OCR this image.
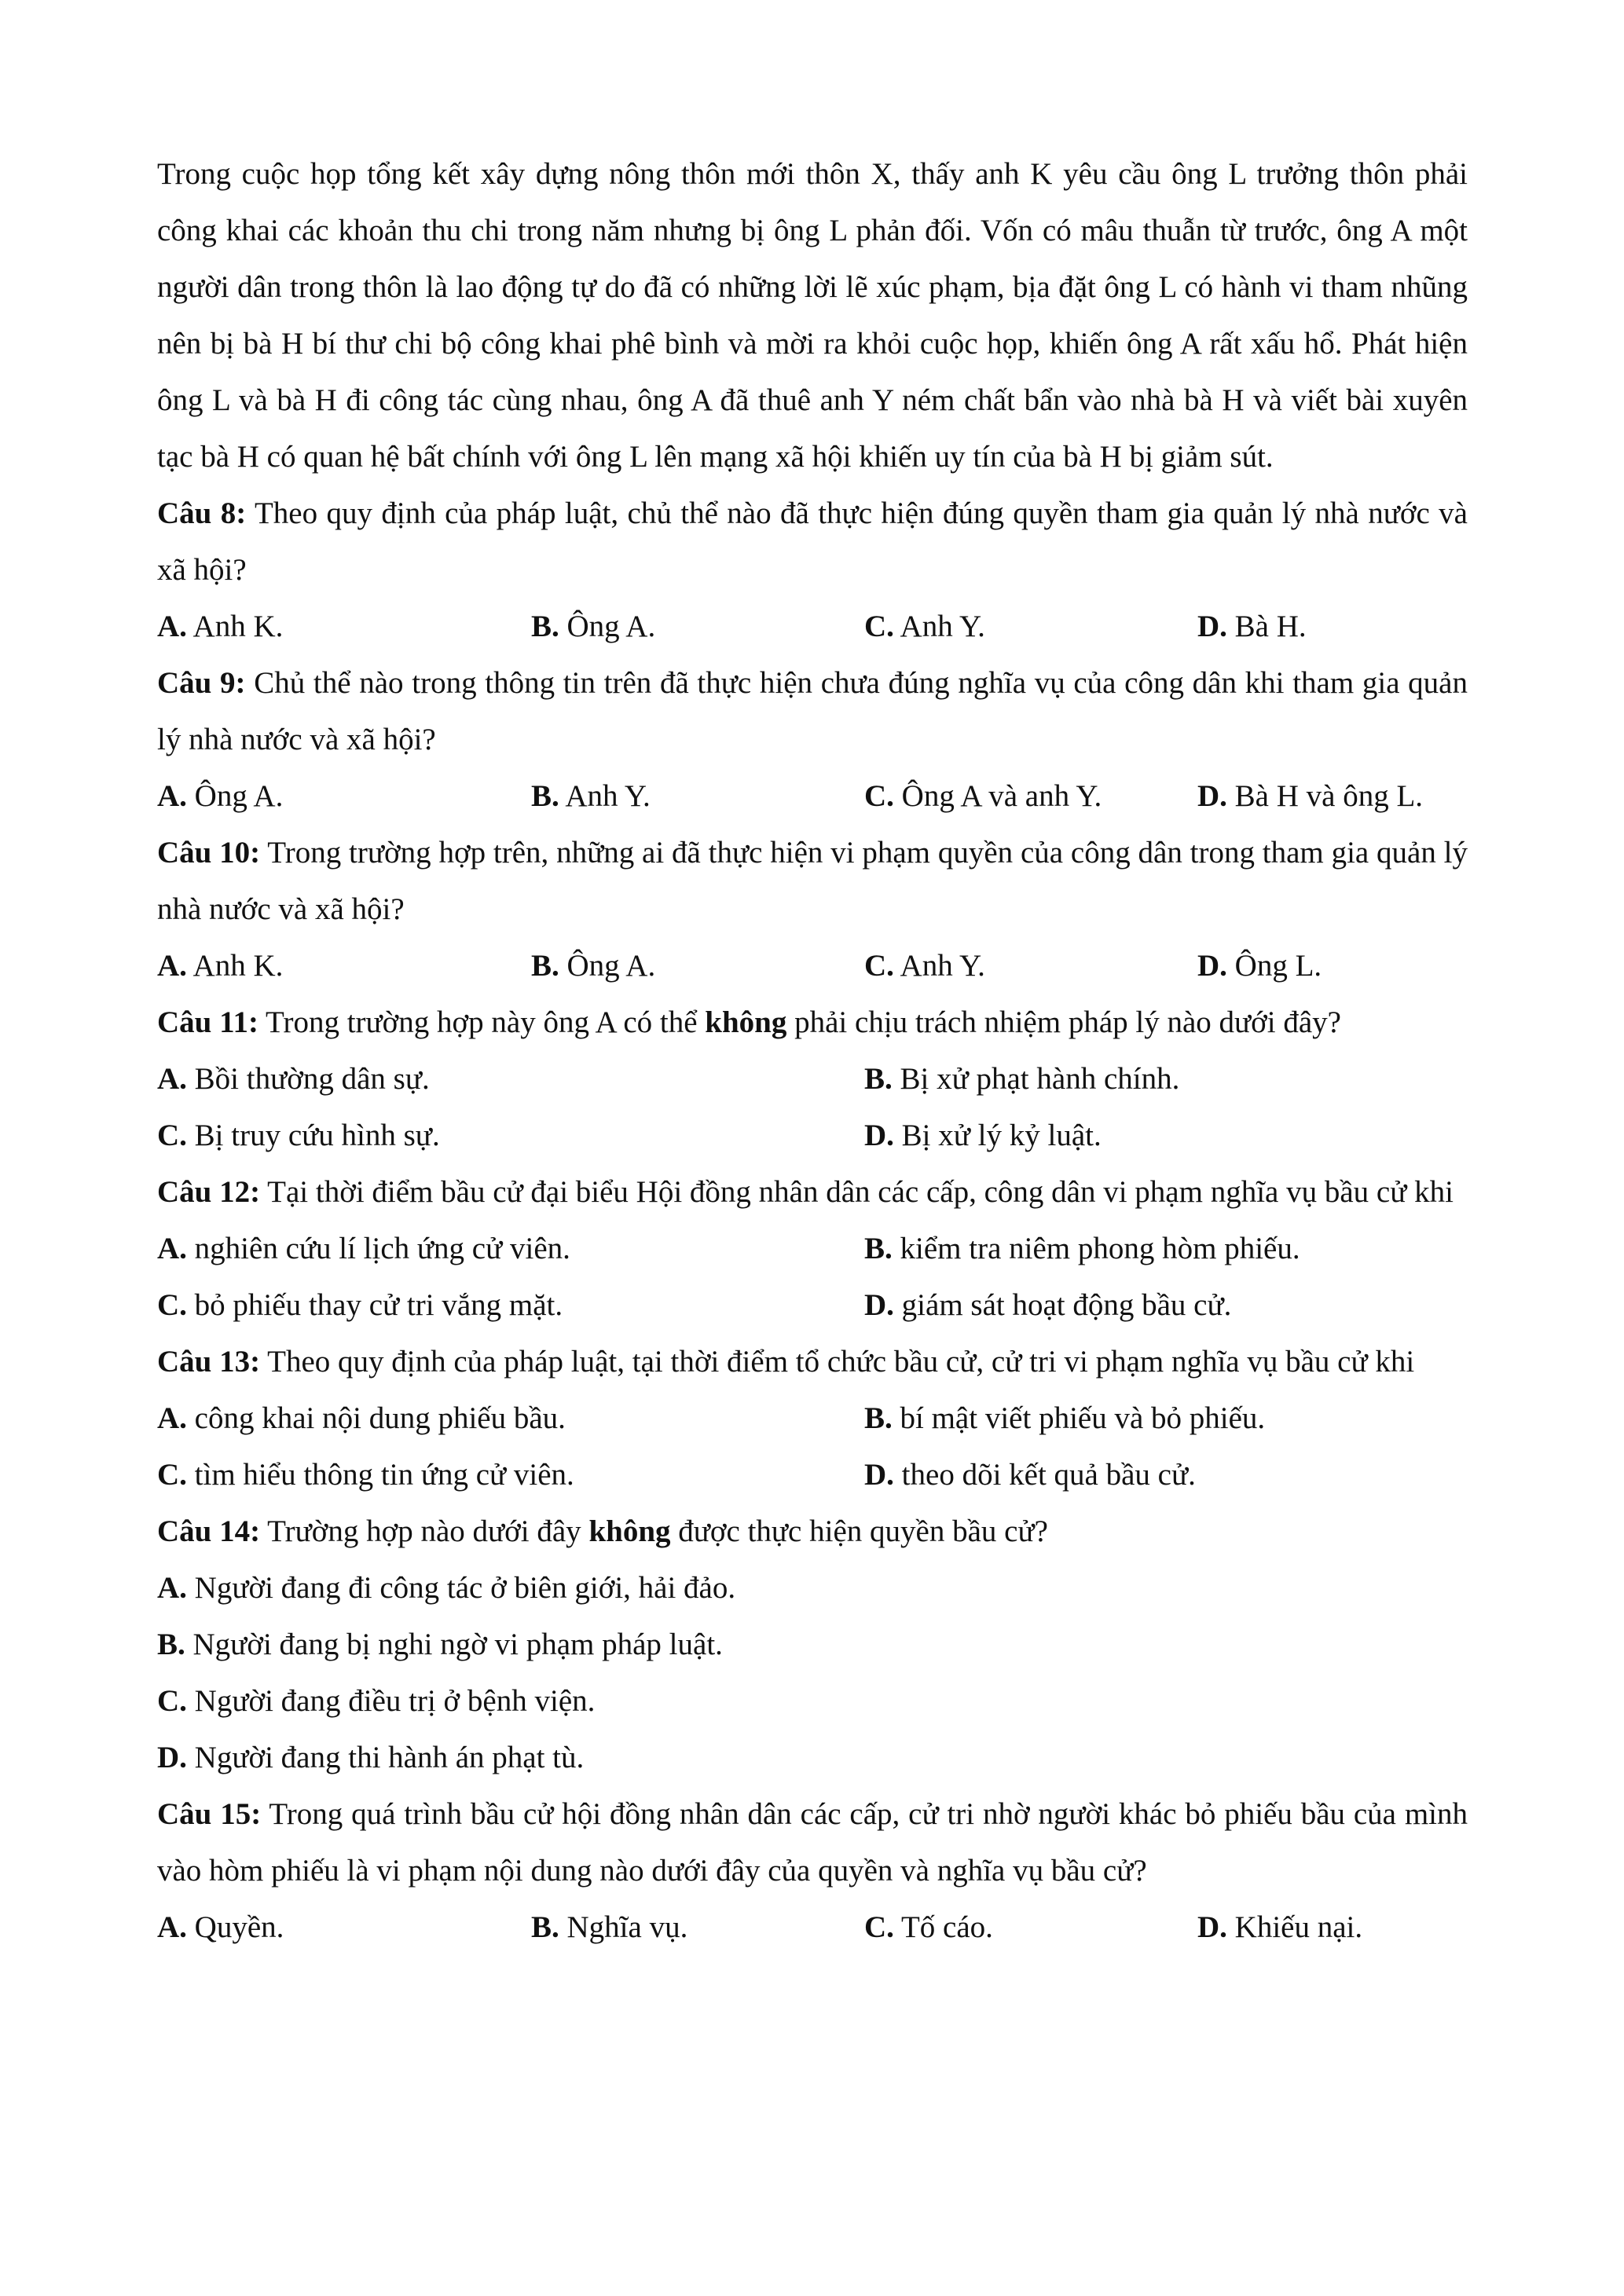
Trong cuộc họp tổng kết xây dựng nông thôn mới thôn X, thấy anh K yêu cầu ông L trưởng thôn phải công khai các khoản thu chi trong năm nhưng bị ông L phản đối. Vốn có mâu thuẫn từ trước, ông A một người dân trong thôn là lao động tự do đã có những lời lẽ xúc phạm, bịa đặt ông L có hành vi tham nhũng nên bị bà H bí thư chi bộ công khai phê bình và mời ra khỏi cuộc họp, khiến ông A rất xấu hổ. Phát hiện ông L và bà H đi công tác cùng nhau, ông A đã thuê anh Y ném chất bẩn vào nhà bà H và viết bài xuyên tạc bà H có quan hệ bất chính với ông L lên mạng xã hội khiến uy tín của bà H bị giảm sút.

Câu 8: Theo quy định của pháp luật, chủ thể nào đã thực hiện đúng quyền tham gia quản lý nhà nước và xã hội?

A. Anh K.	B. Ông A.	C. Anh Y.	D. Bà H.

Câu 9: Chủ thể nào trong thông tin trên đã thực hiện chưa đúng nghĩa vụ của công dân khi tham gia quản lý nhà nước và xã hội?

A. Ông A.	B. Anh Y.	C. Ông A và anh Y.	D. Bà H và ông L.

Câu 10: Trong trường hợp trên, những ai đã thực hiện vi phạm quyền của công dân trong tham gia quản lý nhà nước và xã hội?

A. Anh K.	B. Ông A.	C. Anh Y.	D. Ông L.

Câu 11: Trong trường hợp này ông A có thể không phải chịu trách nhiệm pháp lý nào dưới đây?

A. Bồi thường dân sự.	B. Bị xử phạt hành chính.
C. Bị truy cứu hình sự.	D. Bị xử lý kỷ luật.

Câu 12: Tại thời điểm bầu cử đại biểu Hội đồng nhân dân các cấp, công dân vi phạm nghĩa vụ bầu cử khi

A. nghiên cứu lí lịch ứng cử viên.	B. kiểm tra niêm phong hòm phiếu.
C. bỏ phiếu thay cử tri vắng mặt.	D. giám sát hoạt động bầu cử.

Câu 13: Theo quy định của pháp luật, tại thời điểm tổ chức bầu cử, cử tri vi phạm nghĩa vụ bầu cử khi

A. công khai nội dung phiếu bầu.	B. bí mật viết phiếu và bỏ phiếu.
C. tìm hiểu thông tin ứng cử viên.	D. theo dõi kết quả bầu cử.

Câu 14: Trường hợp nào dưới đây không được thực hiện quyền bầu cử?

A. Người đang đi công tác ở biên giới, hải đảo.
B. Người đang bị nghi ngờ vi phạm pháp luật.
C. Người đang điều trị ở bệnh viện.
D. Người đang thi hành án phạt tù.

Câu 15: Trong quá trình bầu cử hội đồng nhân dân các cấp, cử tri nhờ người khác bỏ phiếu bầu của mình vào hòm phiếu là vi phạm nội dung nào dưới đây của quyền và nghĩa vụ bầu cử?

A. Quyền.	B. Nghĩa vụ.	C. Tố cáo.	D. Khiếu nại.
